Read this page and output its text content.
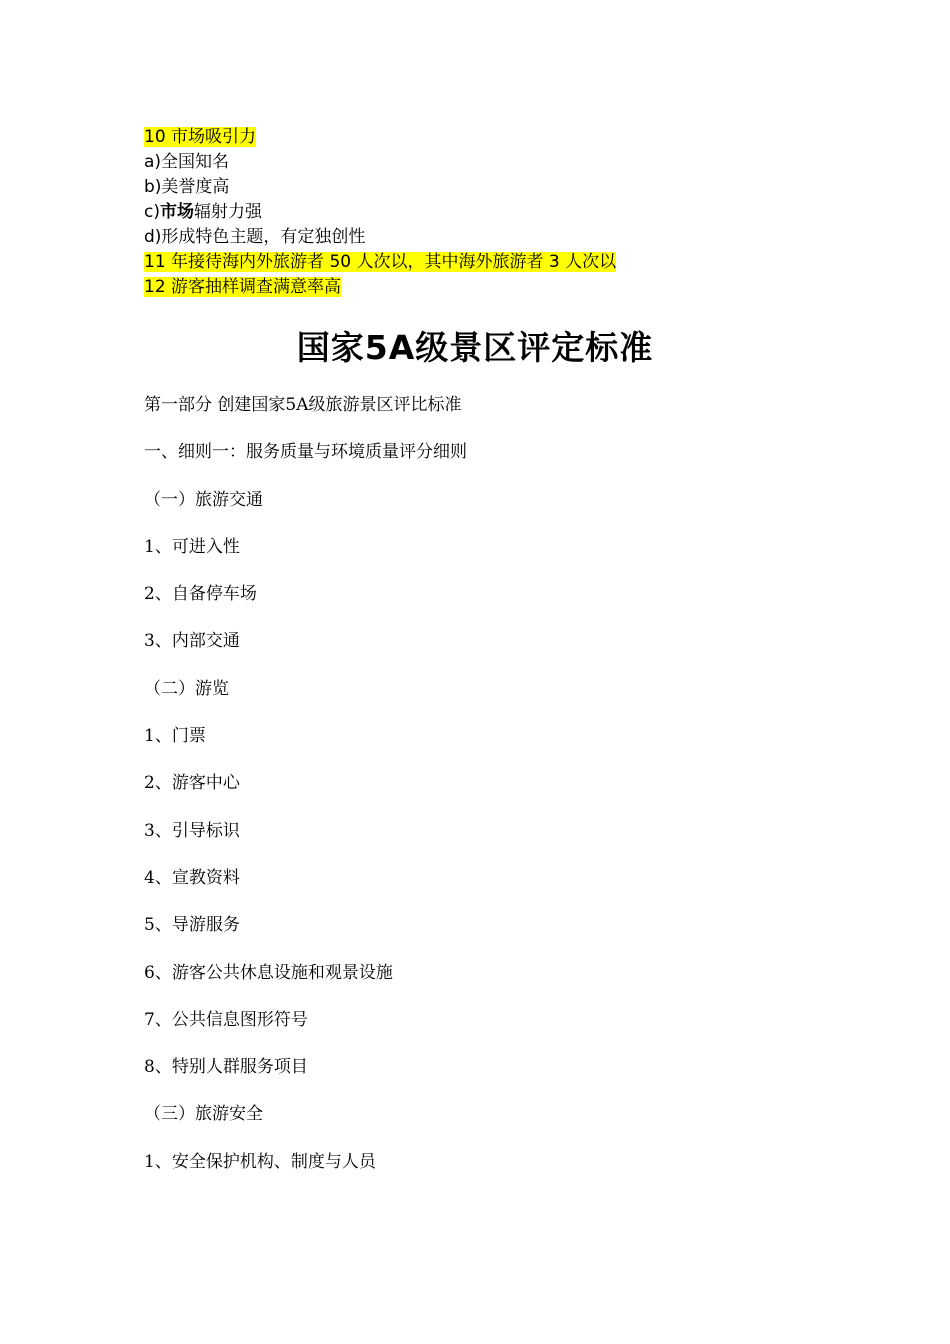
10 市场吸引力
a)全国知名
b)美誉度高
c)市场辐射力强
d)形成特色主题，有定独创性
11 年接待海内外旅游者 50 人次以，其中海外旅游者 3 人次以
12 游客抽样调查满意率高
国家5A级景区评定标准
第一部分 创建国家5A级旅游景区评比标准
一、细则一：服务质量与环境质量评分细则
（一）旅游交通
1、可进入性
2、自备停车场
3、内部交通
（二）游览
1、门票
2、游客中心
3、引导标识
4、宣教资料
5、导游服务
6、游客公共休息设施和观景设施
7、公共信息图形符号
8、特别人群服务项目
（三）旅游安全
1、安全保护机构、制度与人员
